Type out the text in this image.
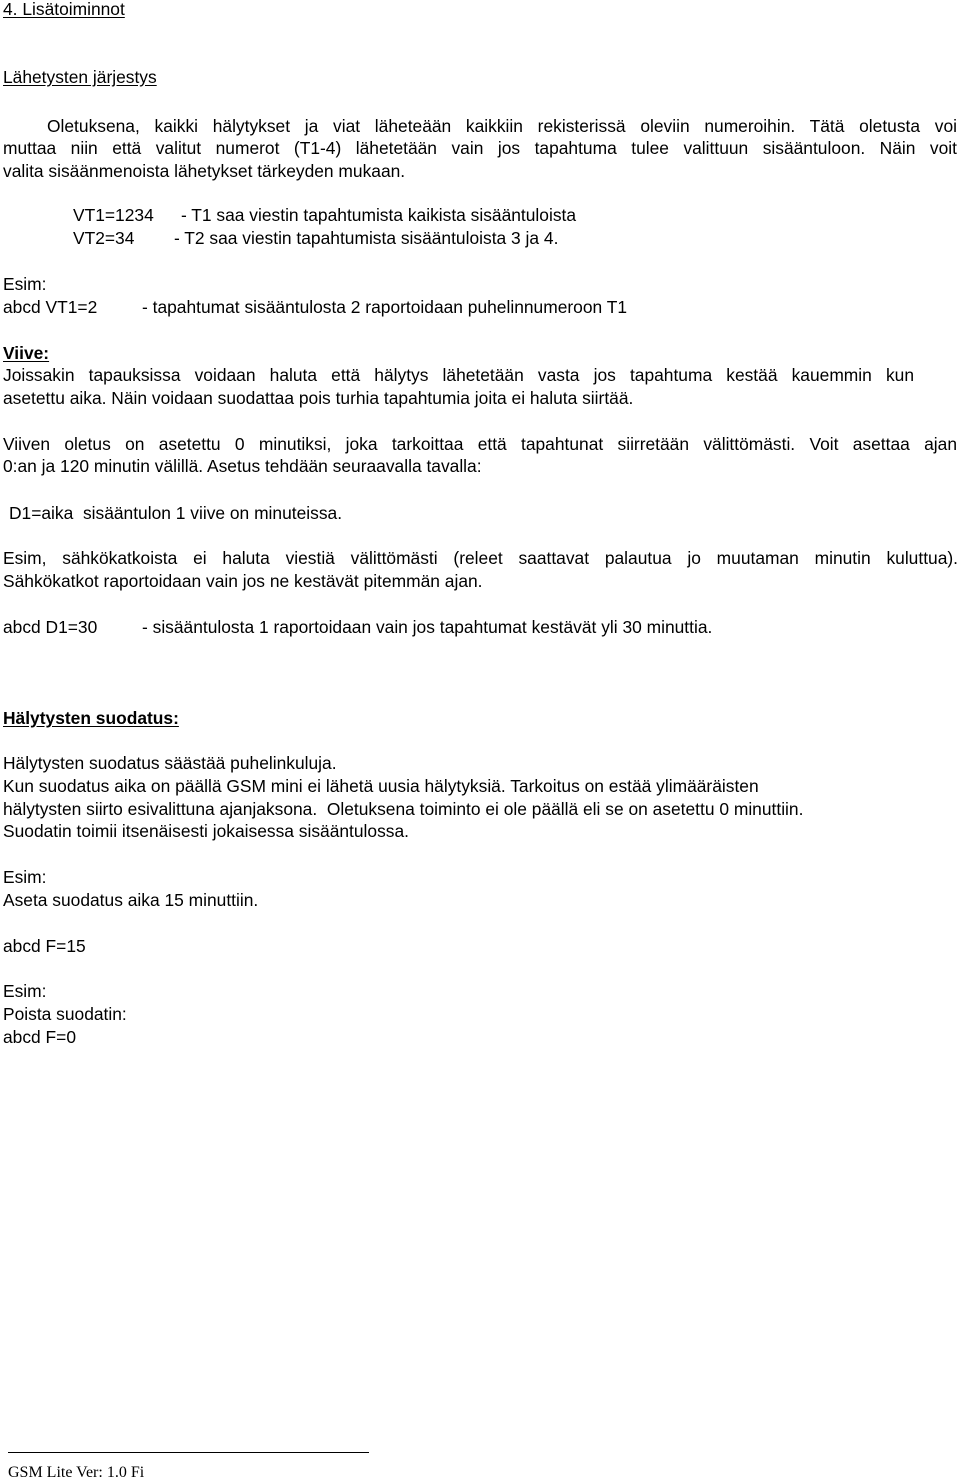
4. Lisätoiminnot
Lähetysten järjestys
Oletuksena, kaikki hälytykset ja viat läheteään kaikkiin rekisterissä oleviin numeroihin. Tätä oletusta voi
muttaa niin että valitut numerot (T1-4) lähetetään vain jos tapahtuma tulee valittuun sisääntuloon. Näin voit
valita sisäänmenoista lähetykset tärkeyden mukaan.
VT1=1234 - T1 saa viestin tapahtumista kaikista sisääntuloista
VT2=34 - T2 saa viestin tapahtumista sisääntuloista 3 ja 4.
Esim:
abcd VT1=2	- tapahtumat sisääntulosta 2 raportoidaan puhelinnumeroon T1
Viive:
Joissakin tapauksissa voidaan haluta että hälytys lähetetään vasta jos tapahtuma kestää kauemmin kun
asetettu aika. Näin voidaan suodattaa pois turhia tapahtumia joita ei haluta siirtää.
Viiven oletus on asetettu 0 minutiksi, joka tarkoittaa että tapahtunat siirretään välittömästi. Voit asettaa ajan
0:an ja 120 minutin välillä. Asetus tehdään seuraavalla tavalla:
D1=aika  sisääntulon 1 viive on minuteissa.
Esim, sähkökatkoista ei haluta viestiä välittömästi (releet saattavat palautua jo muutaman minutin kuluttua).
Sähkökatkot raportoidaan vain jos ne kestävät pitemmän ajan.
abcd D1=30	- sisääntulosta 1 raportoidaan vain jos tapahtumat kestävät yli 30 minuttia.
Hälytysten suodatus:
Hälytysten suodatus säästää puhelinkuluja.
Kun suodatus aika on päällä GSM mini ei lähetä uusia hälytyksiä. Tarkoitus on estää ylimääräisten
hälytysten siirto esivalittuna ajanjaksona.  Oletuksena toiminto ei ole päällä eli se on asetettu 0 minuttiin.
Suodatin toimii itsenäisesti jokaisessa sisääntulossa.
Esim:
Aseta suodatus aika 15 minuttiin.
abcd F=15
Esim:
Poista suodatin:
abcd F=0
GSM Lite Ver: 1.0 Fi
